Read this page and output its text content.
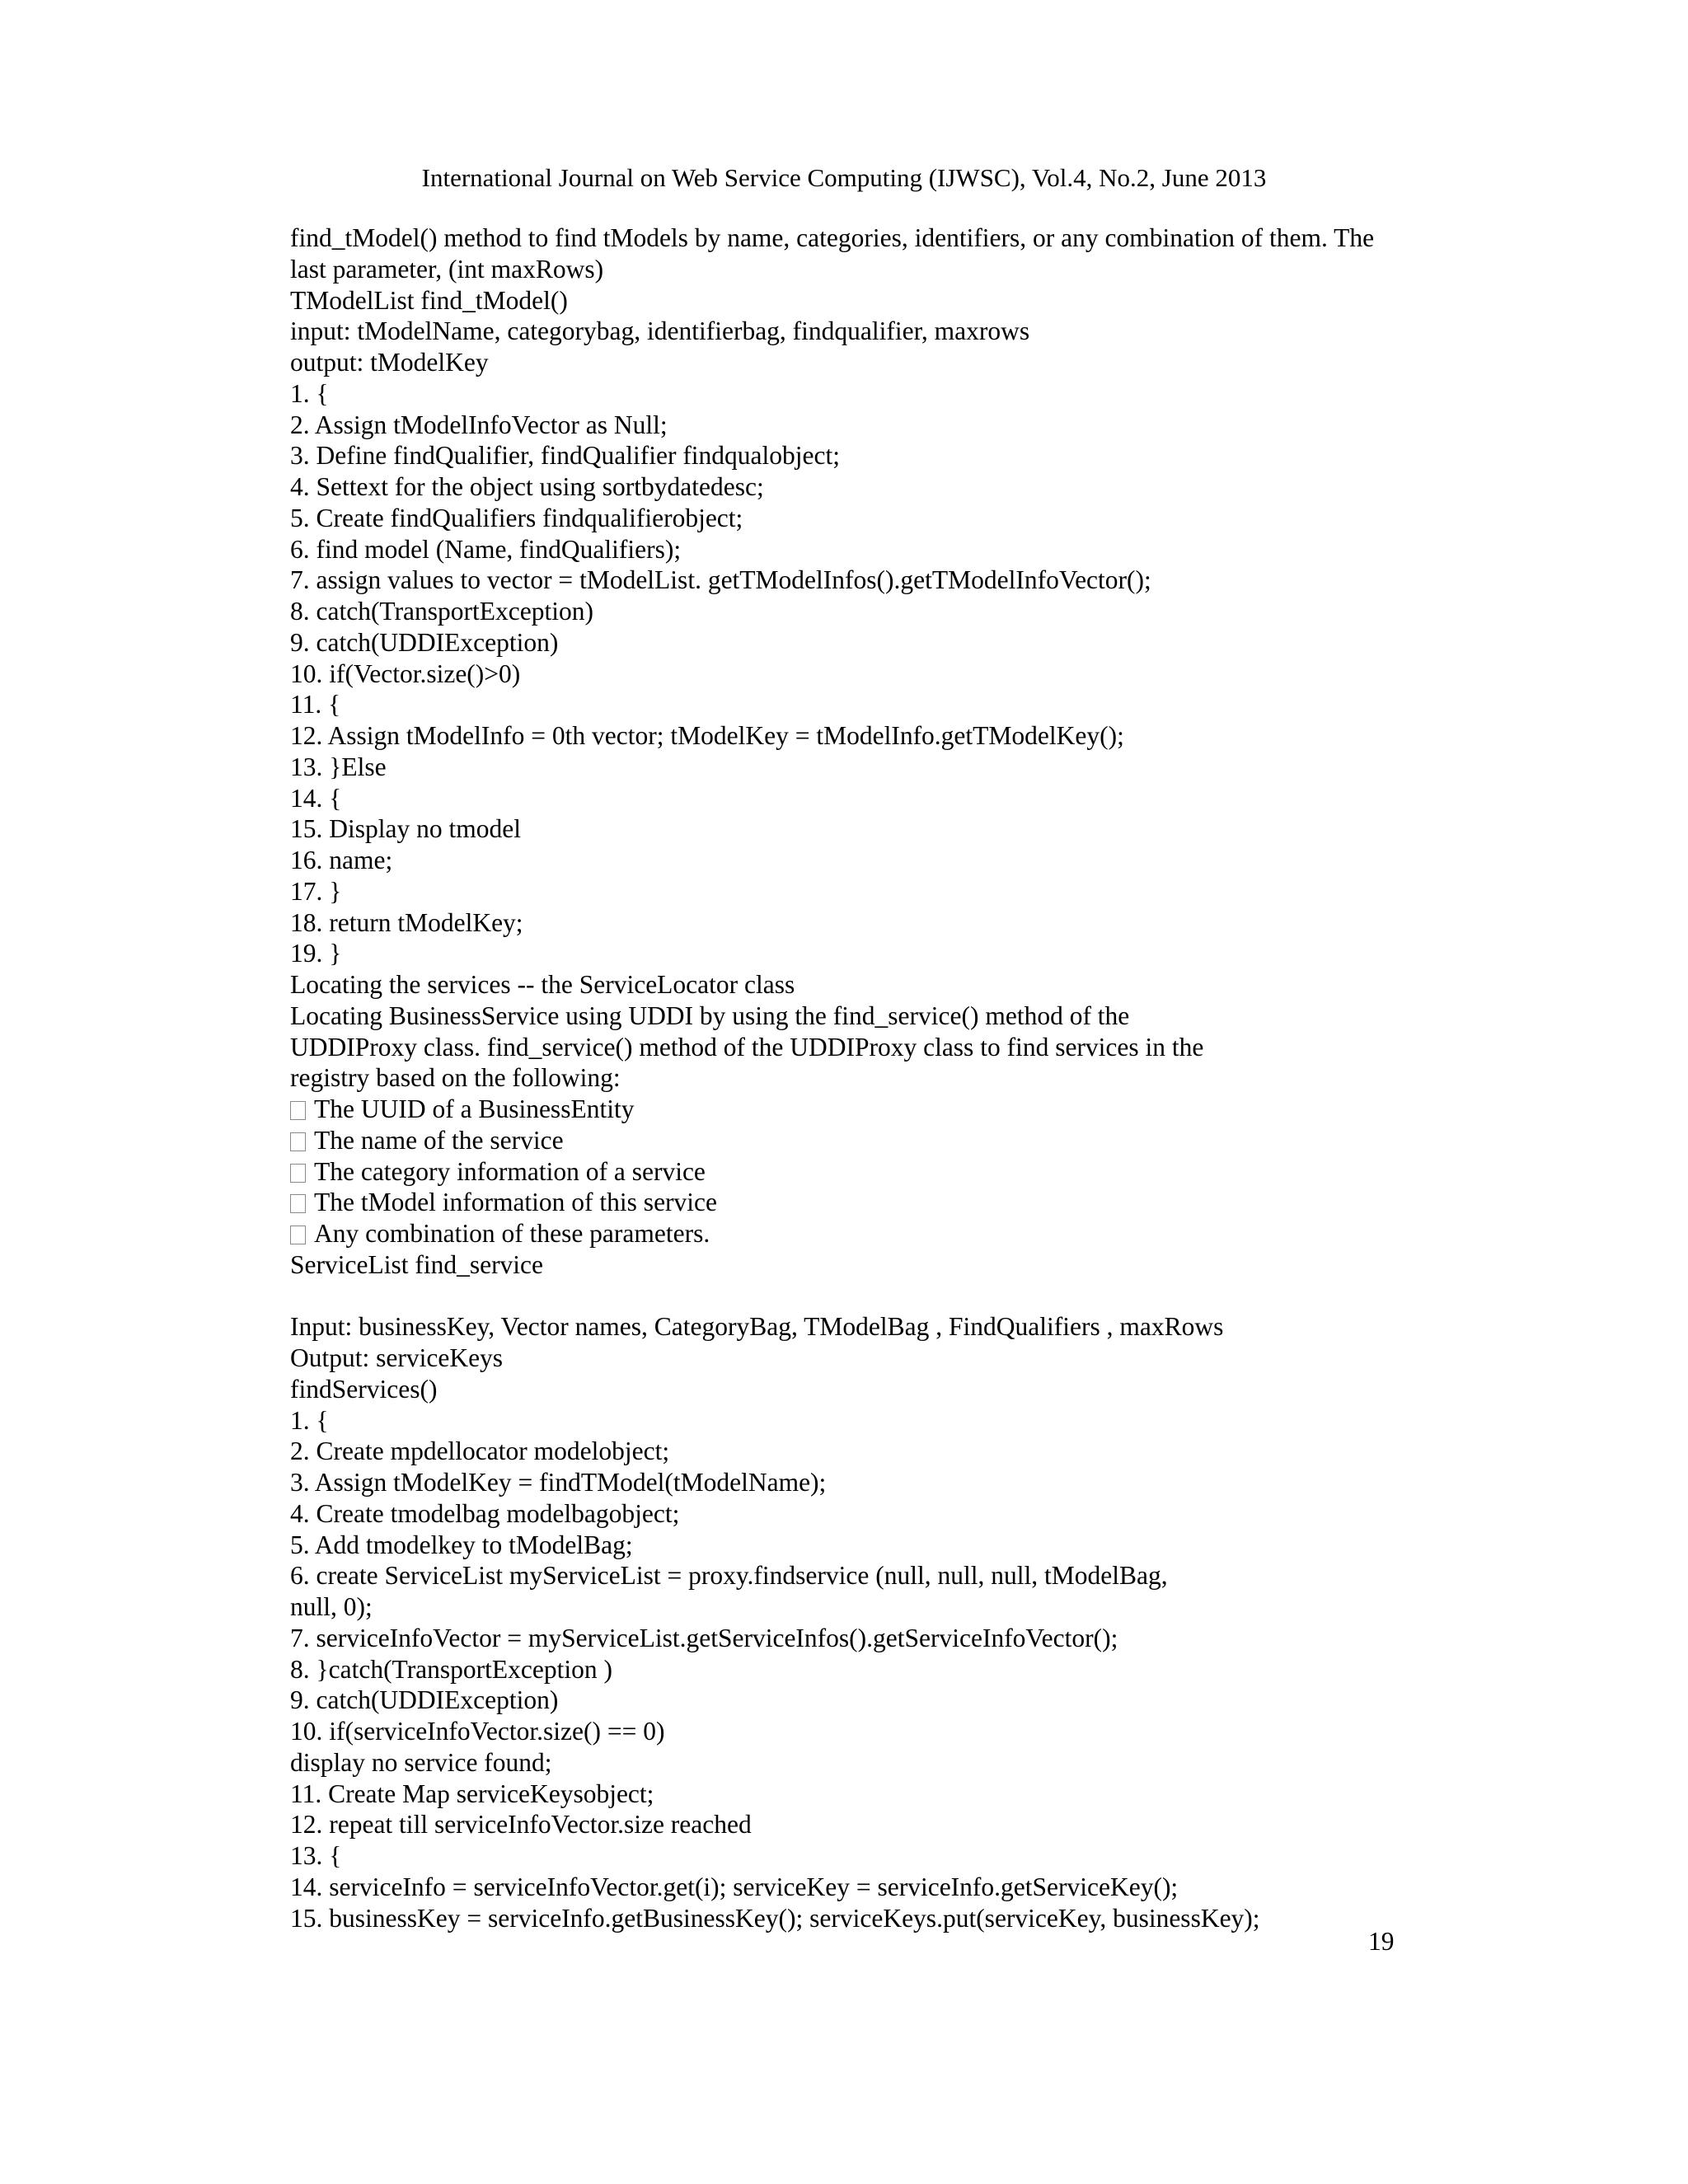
International Journal on Web Service Computing (IJWSC), Vol.4, No.2, June 2013
find_tModel() method to find tModels by name, categories, identifiers, or any combination of them. The
last parameter, (int maxRows)
TModelList find_tModel()
input: tModelName, categorybag, identifierbag, findqualifier, maxrows
output: tModelKey
1. {
2. Assign tModelInfoVector as Null;
3. Define findQualifier, findQualifier findqualobject;
4. Settext for the object using sortbydatedesc;
5. Create findQualifiers findqualifierobject;
6. find model (Name, findQualifiers);
7. assign values to vector = tModelList. getTModelInfos().getTModelInfoVector();
8. catch(TransportException)
9. catch(UDDIException)
10. if(Vector.size()>0)
11. {
12. Assign tModelInfo = 0th vector; tModelKey = tModelInfo.getTModelKey();
13. }Else
14. {
15. Display no tmodel
16. name;
17. }
18. return tModelKey;
19. }
Locating the services -- the ServiceLocator class
Locating BusinessService using UDDI by using the find_service() method of the
UDDIProxy class. find_service() method of the UDDIProxy class to find services in the
registry based on the following:
The UUID of a BusinessEntity
The name of the service
The category information of a service
The tModel information of this service
Any combination of these parameters.
ServiceList find_service
Input: businessKey, Vector names, CategoryBag, TModelBag , FindQualifiers , maxRows
Output: serviceKeys
findServices()
1. {
2. Create mpdellocator modelobject;
3. Assign tModelKey = findTModel(tModelName);
4. Create tmodelbag modelbagobject;
5. Add tmodelkey to tModelBag;
6. create ServiceList myServiceList = proxy.findservice (null, null, null, tModelBag,
null, 0);
7. serviceInfoVector = myServiceList.getServiceInfos().getServiceInfoVector();
8. }catch(TransportException )
9. catch(UDDIException)
10. if(serviceInfoVector.size() == 0)
display no service found;
11. Create Map serviceKeysobject;
12. repeat till serviceInfoVector.size reached
13. {
14. serviceInfo = serviceInfoVector.get(i); serviceKey = serviceInfo.getServiceKey();
15. businessKey = serviceInfo.getBusinessKey(); serviceKeys.put(serviceKey, businessKey);
19
